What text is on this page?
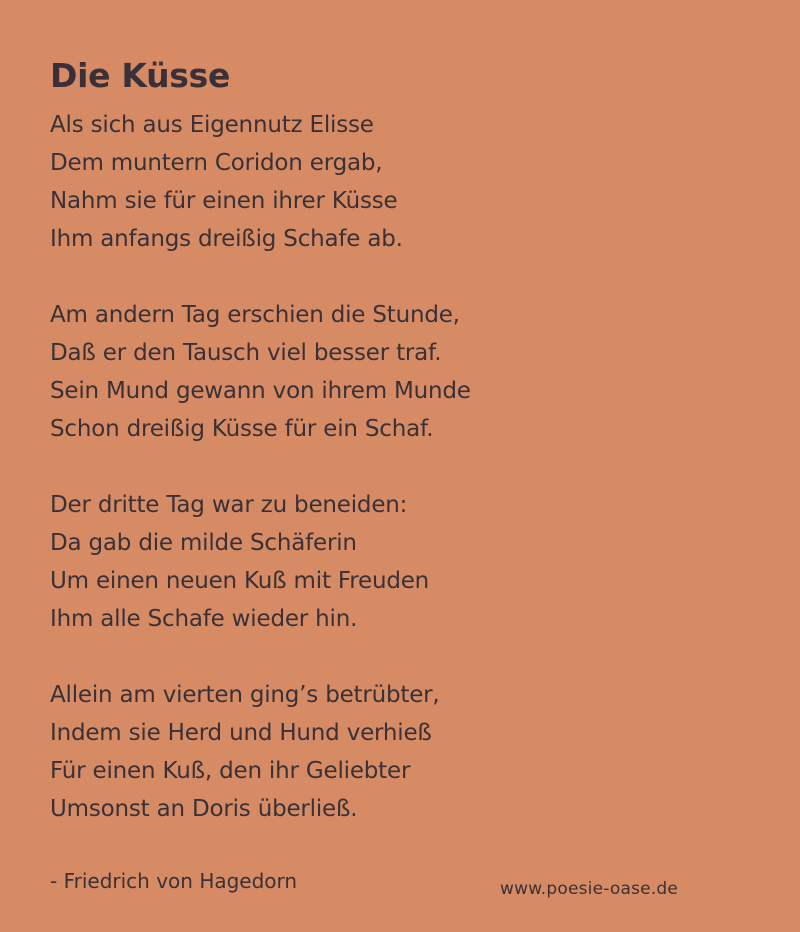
Die Küsse
Als sich aus Eigennutz Elisse
Dem muntern Coridon ergab,
Nahm sie für einen ihrer Küsse
Ihm anfangs dreißig Schafe ab.
Am andern Tag erschien die Stunde,
Daß er den Tausch viel besser traf.
Sein Mund gewann von ihrem Munde
Schon dreißig Küsse für ein Schaf.
Der dritte Tag war zu beneiden:
Da gab die milde Schäferin
Um einen neuen Kuß mit Freuden
Ihm alle Schafe wieder hin.
Allein am vierten ging’s betrübter,
Indem sie Herd und Hund verhieß
Für einen Kuß, den ihr Geliebter
Umsonst an Doris überließ.
- Friedrich von Hagedorn	www.poesie-oase.de
